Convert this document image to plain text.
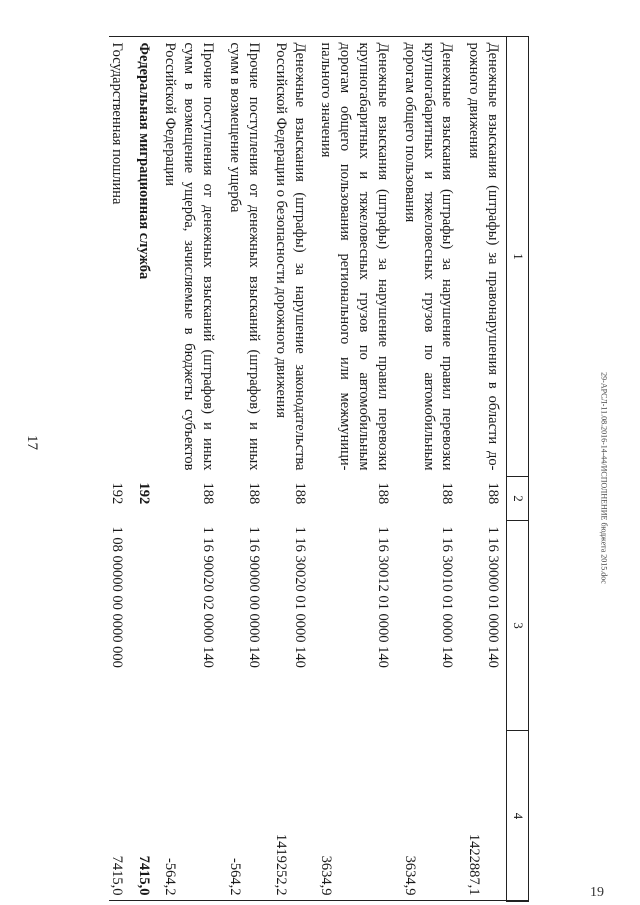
17
19
29-АРСЛ-11.08.2016-14-44/ИСПОЛНЕНИЕ бюджета 2015.doc
1	2	3	4
Денежные взыскания (штрафы) за правонарушения в области до-рожного движения	188	1 16 30000 01 0000 140	1422887,1
Денежные взыскания (штрафы) за нарушение правил перевозки крупногабаритных и тяжеловесных грузов по автомобильным дорогам общего пользования	188	1 16 30010 01 0000 140	3634,9
Денежные взыскания (штрафы) за нарушение правил перевозки крупногабаритных и тяжеловесных грузов по автомобильным дорогам общего пользования регионального или межмуници-пального значения	188	1 16 30012 01 0000 140	3634,9
Денежные взыскания (штрафы) за нарушение законодательства Российской Федерации о безопасности дорожного движения	188	1 16 30020 01 0000 140	1419252,2
Прочие поступления от денежных взысканий (штрафов) и иных сумм в возмещение ущерба	188	1 16 90000 00 0000 140	-564,2
Прочие поступления от денежных взысканий (штрафов) и иных сумм в возмещение ущерба, зачисляемые в бюджеты субъектов Российской Федерации	188	1 16 90020 02 0000 140	-564,2
Федеральная миграционная служба	192		7415,0
Государственная пошлина	192	1 08 00000 00 0000 000	7415,0
